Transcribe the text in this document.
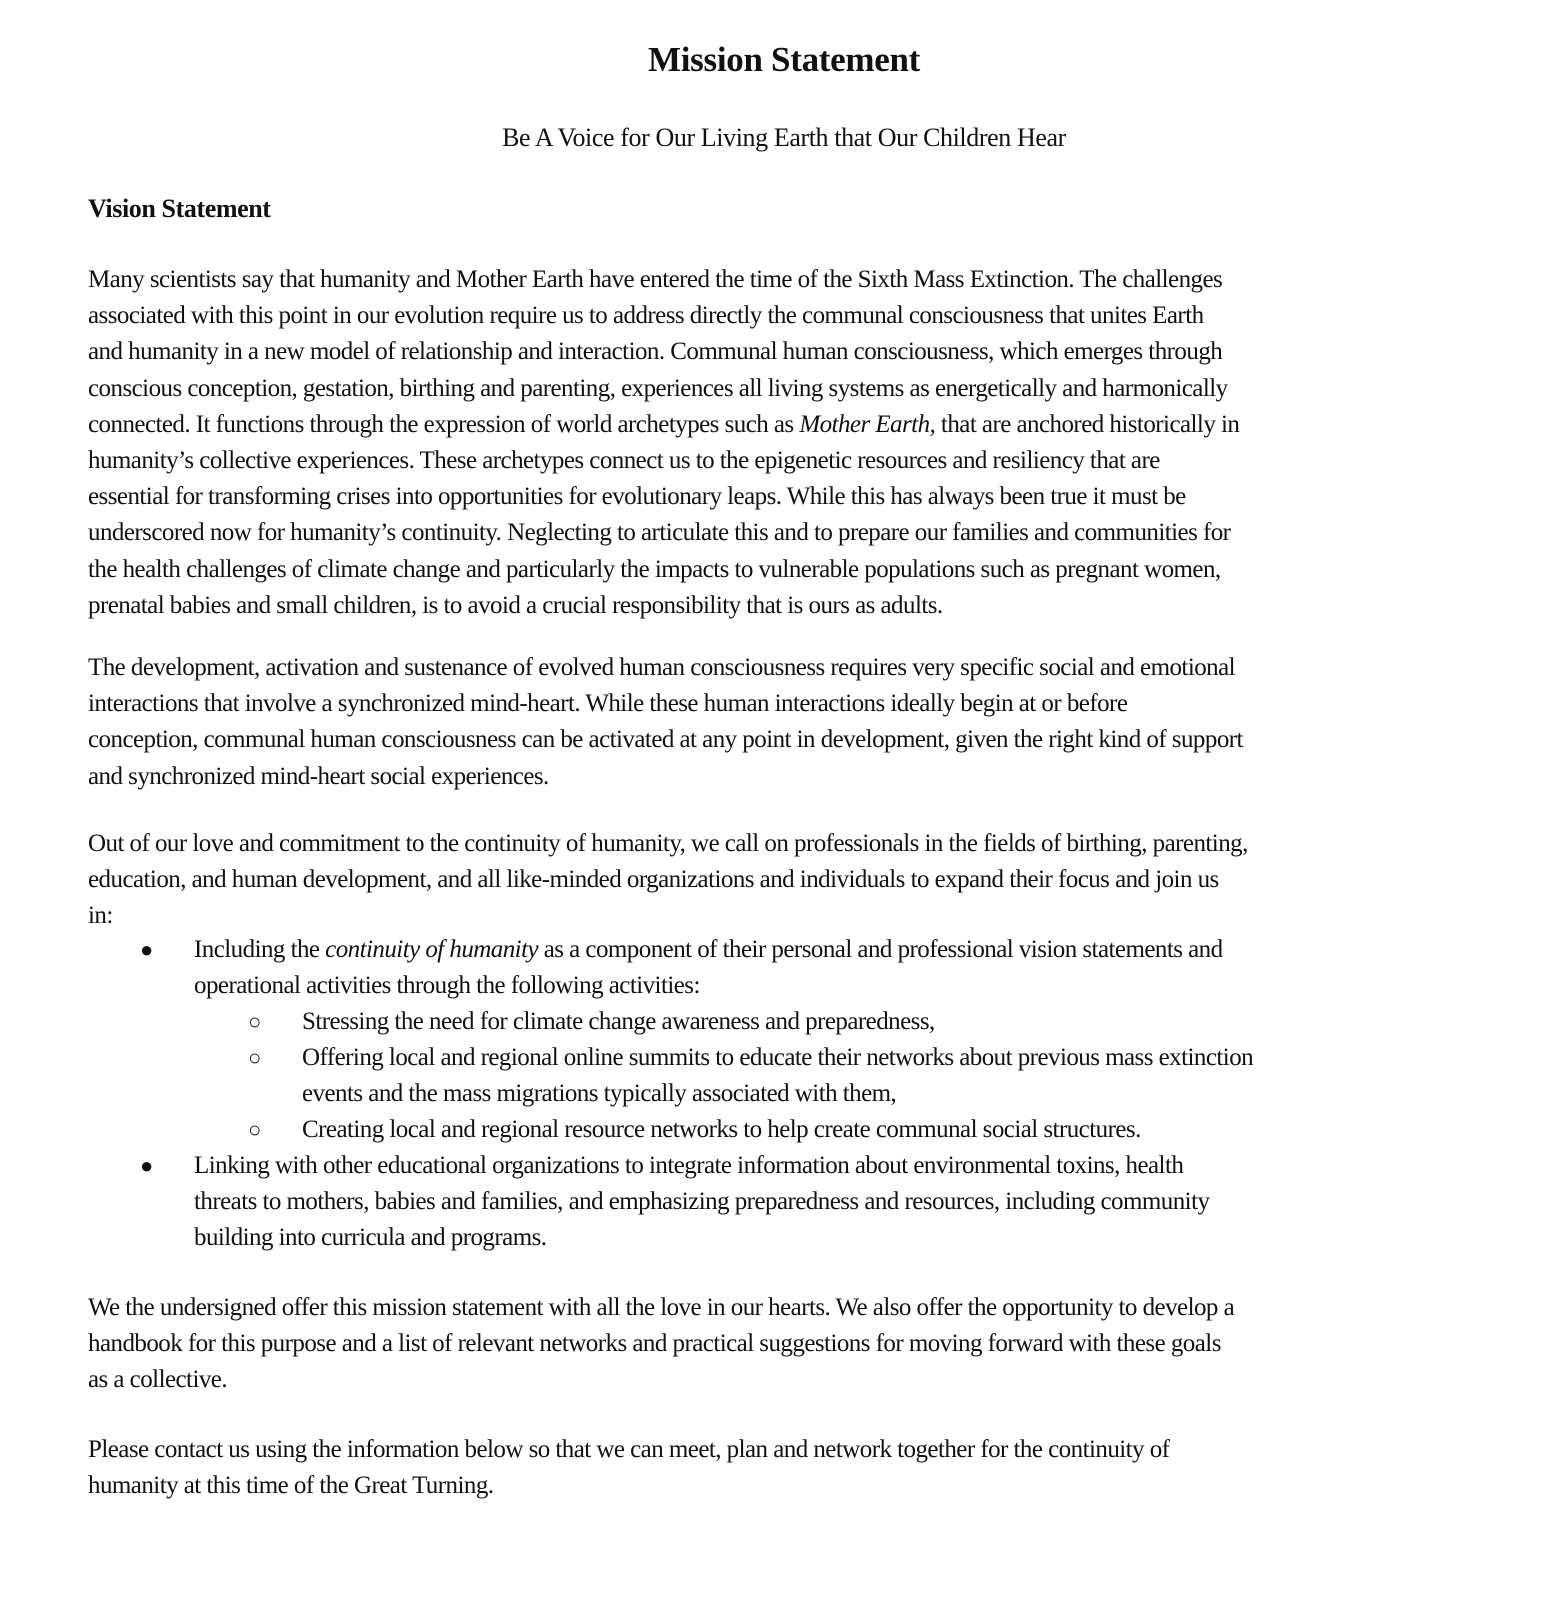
Mission Statement
Be A Voice for Our Living Earth that Our Children Hear
Vision Statement
Many scientists say that humanity and Mother Earth have entered the time of the Sixth Mass Extinction. The challenges
associated with this point in our evolution require us to address directly the communal consciousness that unites Earth
and humanity in a new model of relationship and interaction. Communal human consciousness, which emerges through
conscious conception, gestation, birthing and parenting, experiences all living systems as energetically and harmonically
connected. It functions through the expression of world archetypes such as Mother Earth, that are anchored historically in
humanity’s collective experiences. These archetypes connect us to the epigenetic resources and resiliency that are
essential for transforming crises into opportunities for evolutionary leaps. While this has always been true it must be
underscored now for humanity’s continuity. Neglecting to articulate this and to prepare our families and communities for
the health challenges of climate change and particularly the impacts to vulnerable populations such as pregnant women,
prenatal babies and small children, is to avoid a crucial responsibility that is ours as adults.
The development, activation and sustenance of evolved human consciousness requires very specific social and emotional
interactions that involve a synchronized mind-heart. While these human interactions ideally begin at or before
conception, communal human consciousness can be activated at any point in development, given the right kind of support
and synchronized mind-heart social experiences.
Out of our love and commitment to the continuity of humanity, we call on professionals in the fields of birthing, parenting,
education, and human development, and all like-minded organizations and individuals to expand their focus and join us
in:
● Including the continuity of humanity as a component of their personal and professional vision statements and
operational activities through the following activities:
○ Stressing the need for climate change awareness and preparedness,
○ Offering local and regional online summits to educate their networks about previous mass extinction
events and the mass migrations typically associated with them,
○ Creating local and regional resource networks to help create communal social structures.
● Linking with other educational organizations to integrate information about environmental toxins, health
threats to mothers, babies and families, and emphasizing preparedness and resources, including community
building into curricula and programs.
We the undersigned offer this mission statement with all the love in our hearts. We also offer the opportunity to develop a
handbook for this purpose and a list of relevant networks and practical suggestions for moving forward with these goals
as a collective.
Please contact us using the information below so that we can meet, plan and network together for the continuity of
humanity at this time of the Great Turning.
